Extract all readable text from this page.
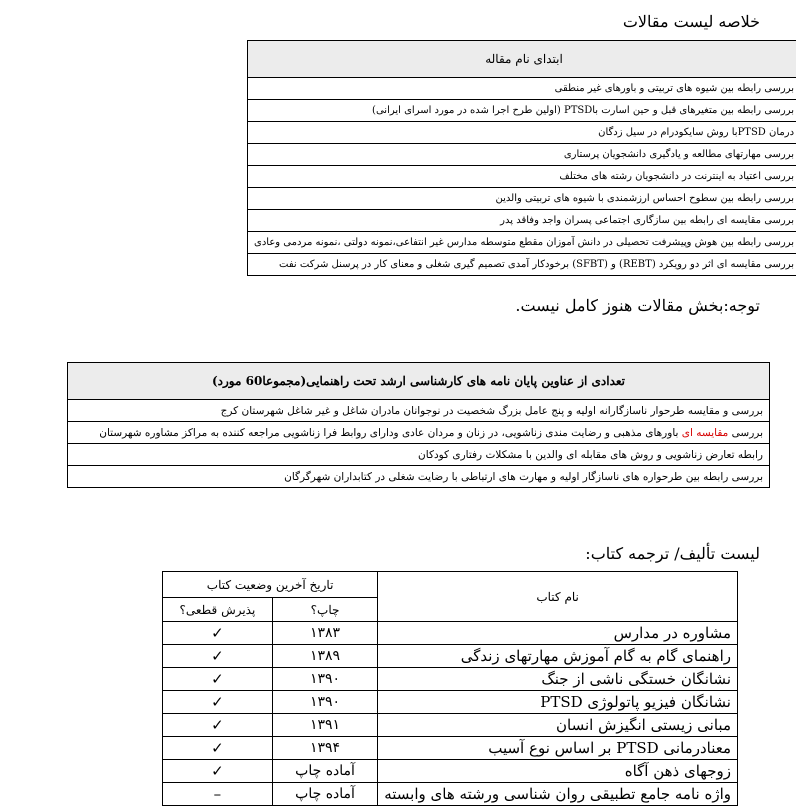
خلاصه لیست مقالات
ابتدای نام مقاله
بررسی رابطه بین شیوه های تربیتی و باورهای غیر منطقی
بررسی رابطه بین متغیرهای قبل و حین اسارت باPTSD (اولین طرح اجرا شده در مورد اسرای ایرانی)
درمان PTSDبا روش سایکودرام در سیل زدگان
بررسی مهارتهای مطالعه و یادگیری دانشجویان پرستاری
بررسی اعتیاد به اینترنت در دانشجویان رشته های مختلف
بررسی رابطه بین سطوح احساس ارزشمندی با شیوه های تربیتی والدین
بررسی مقایسه ای رابطه بین سازگاری اجتماعی پسران واجد وفاقد پدر
بررسی رابطه بین هوش وپیشرفت تحصیلی در دانش آموزان مقطع متوسطه مدارس غیر انتفاعی،نمونه دولتی ،نمونه مردمی وعادی
بررسی مقایسه ای اثر دو رویکرد (REBT) و (SFBT) برخودکار آمدی تصمیم گیری شغلی و معنای کار در پرسنل شرکت نفت
توجه:بخش مقالات هنوز کامل نیست.
تعدادی از عناوین پایان نامه های کارشناسی ارشد تحت راهنمایی(مجموعا60 مورد)
بررسی و مقایسه طرحوار ناسازگارانه اولیه و پنج عامل بزرگ شخصیت در نوجوانان مادران شاغل و غیر شاغل شهرستان کرج
بررسی مقایسه ای باورهای مذهبی و رضایت مندی زناشویی، در زنان و مردان عادی ودارای روابط فرا زناشویی مراجعه کننده به مراکز مشاوره شهرستان
رابطه تعارض زناشویی و روش های مقابله ای والدین با مشکلات رفتاری کودکان
بررسی رابطه بین طرحواره های ناسازگار اولیه و مهارت های ارتباطی با رضایت شغلی در کتابداران شهرگرگان
لیست تألیف/ ترجمه کتاب:
نام کتاب	تاریخ آخرین وضعیت کتاب	
	چاپ؟	پذیرش قطعی؟
مشاوره در مدارس	۱۳۸۳	✓
راهنمای گام به گام آموزش مهارتهای زندگی	۱۳۸۹	✓
نشانگان خستگی ناشی از جنگ	۱۳۹۰	✓
نشانگان فیزیو پاتولوژی PTSD	۱۳۹۰	✓
مبانی زیستی انگیزش انسان	۱۳۹۱	✓
معنادرمانی PTSD بر اساس نوع آسیب	۱۳۹۴	✓
زوجهای ذهن آگاه	آماده چاپ	✓
واژه نامه جامع تطبیقی روان شناسی ورشته های وابسته	آماده چاپ	–
